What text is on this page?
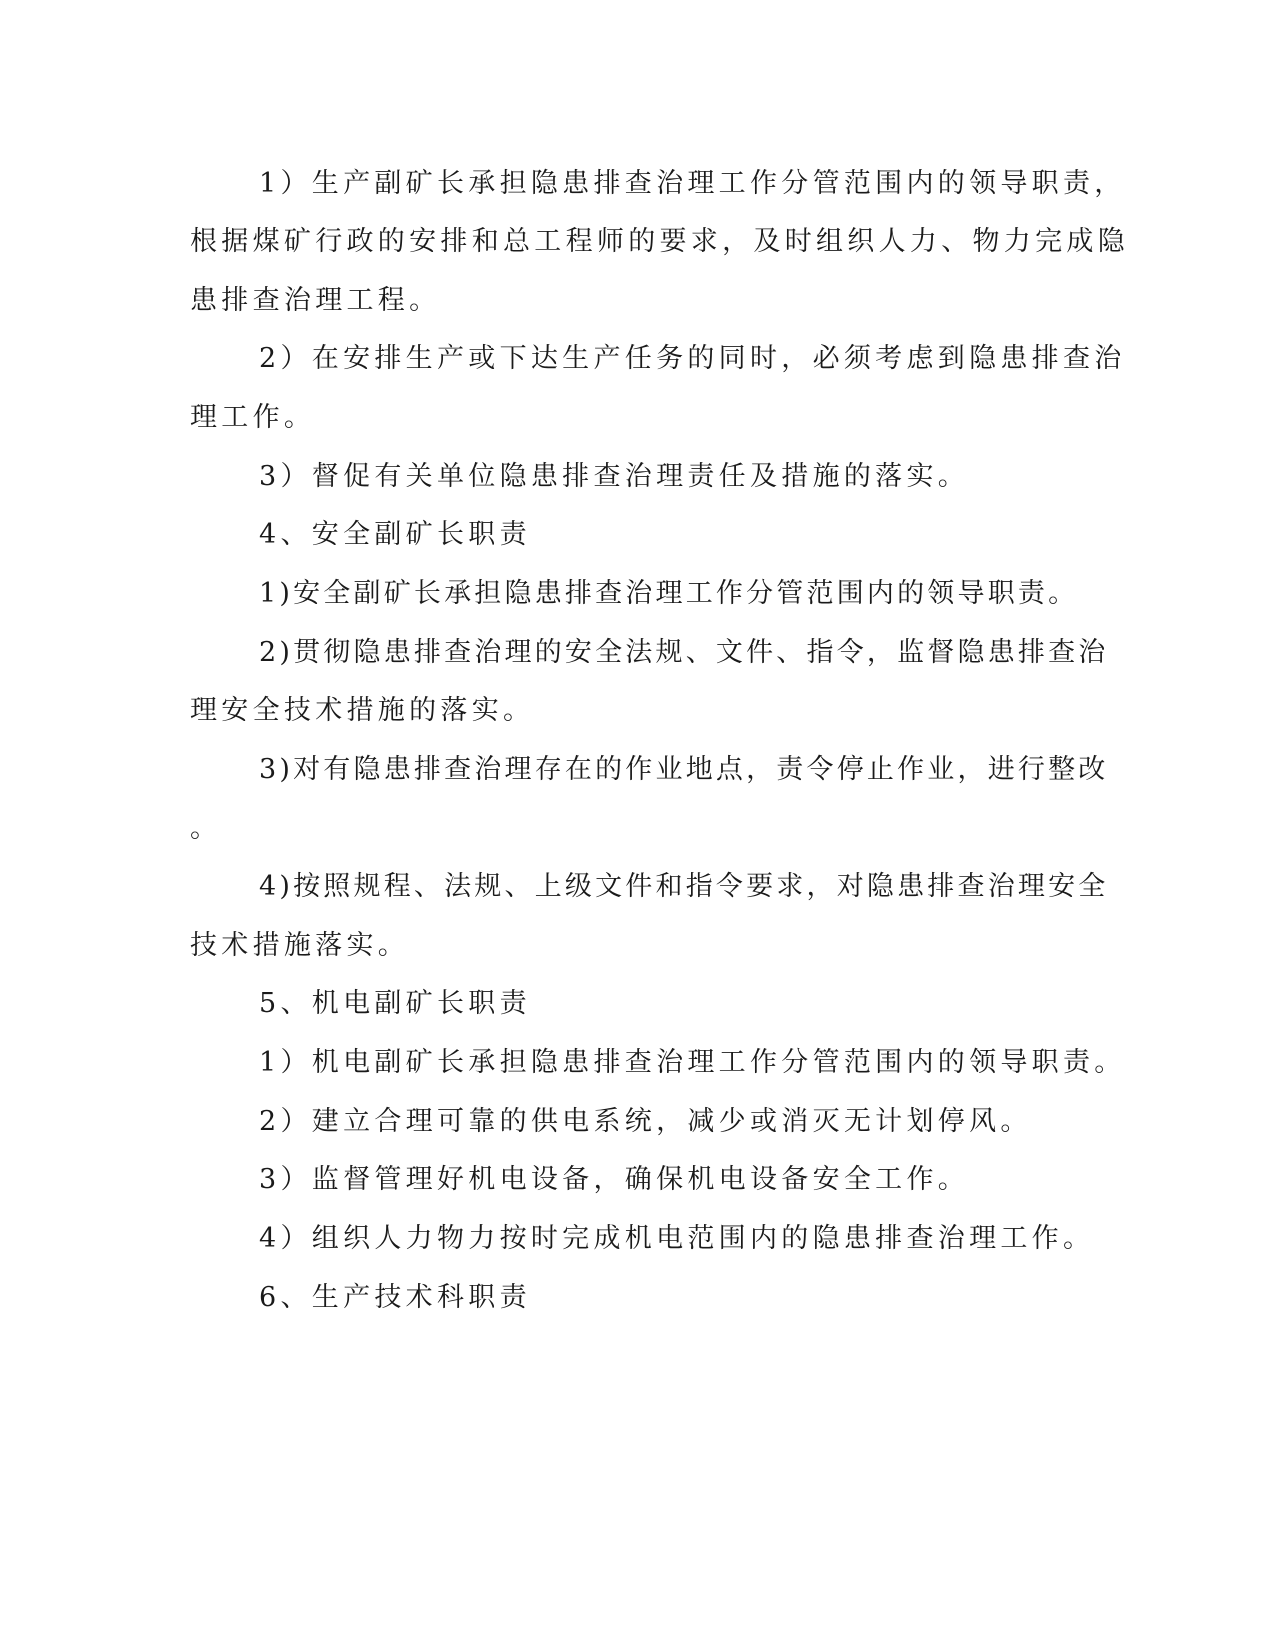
1）生产副矿长承担隐患排查治理工作分管范围内的领导职责，
根据煤矿行政的安排和总工程师的要求，及时组织人力、物力完成隐
患排查治理工程。
2）在安排生产或下达生产任务的同时，必须考虑到隐患排查治
理工作。
3）督促有关单位隐患排查治理责任及措施的落实。
4、安全副矿长职责
1)安全副矿长承担隐患排查治理工作分管范围内的领导职责。
2)贯彻隐患排查治理的安全法规、文件、指令，监督隐患排查治
理安全技术措施的落实。
3)对有隐患排查治理存在的作业地点，责令停止作业，进行整改
。
4)按照规程、法规、上级文件和指令要求，对隐患排查治理安全
技术措施落实。
5、机电副矿长职责
1）机电副矿长承担隐患排查治理工作分管范围内的领导职责。
2）建立合理可靠的供电系统，减少或消灭无计划停风。
3）监督管理好机电设备，确保机电设备安全工作。
4）组织人力物力按时完成机电范围内的隐患排查治理工作。
6、生产技术科职责
